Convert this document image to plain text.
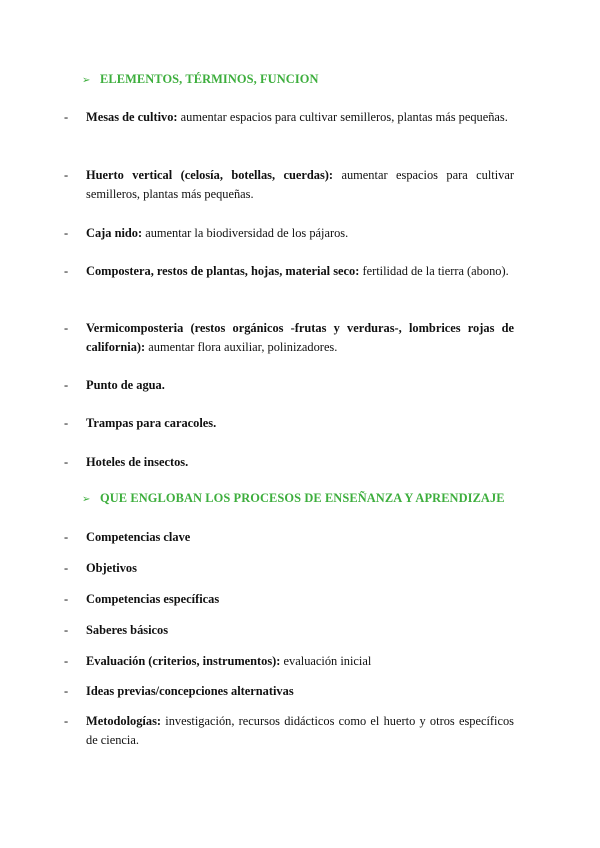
➢ ELEMENTOS, TÉRMINOS, FUNCION
-	Mesas de cultivo: aumentar espacios para cultivar semilleros, plantas más pequeñas.
-	Huerto vertical (celosía, botellas, cuerdas): aumentar espacios para cultivar semilleros, plantas más pequeñas.
-	Caja nido: aumentar la biodiversidad de los pájaros.
-	Compostera, restos de plantas, hojas, material seco: fertilidad de la tierra (abono).
-	Vermicomposteria (restos orgánicos -frutas y verduras-, lombrices rojas de california): aumentar flora auxiliar, polinizadores.
-	Punto de agua.
-	Trampas para caracoles.
-	Hoteles de insectos.
➢ QUE ENGLOBAN LOS PROCESOS DE ENSEÑANZA Y APRENDIZAJE
-	Competencias clave
-	Objetivos
-	Competencias específicas
-	Saberes básicos
-	Evaluación (criterios, instrumentos): evaluación inicial
-	Ideas previas/concepciones alternativas
-	Metodologías: investigación, recursos didácticos como el huerto y otros específicos de ciencia.
